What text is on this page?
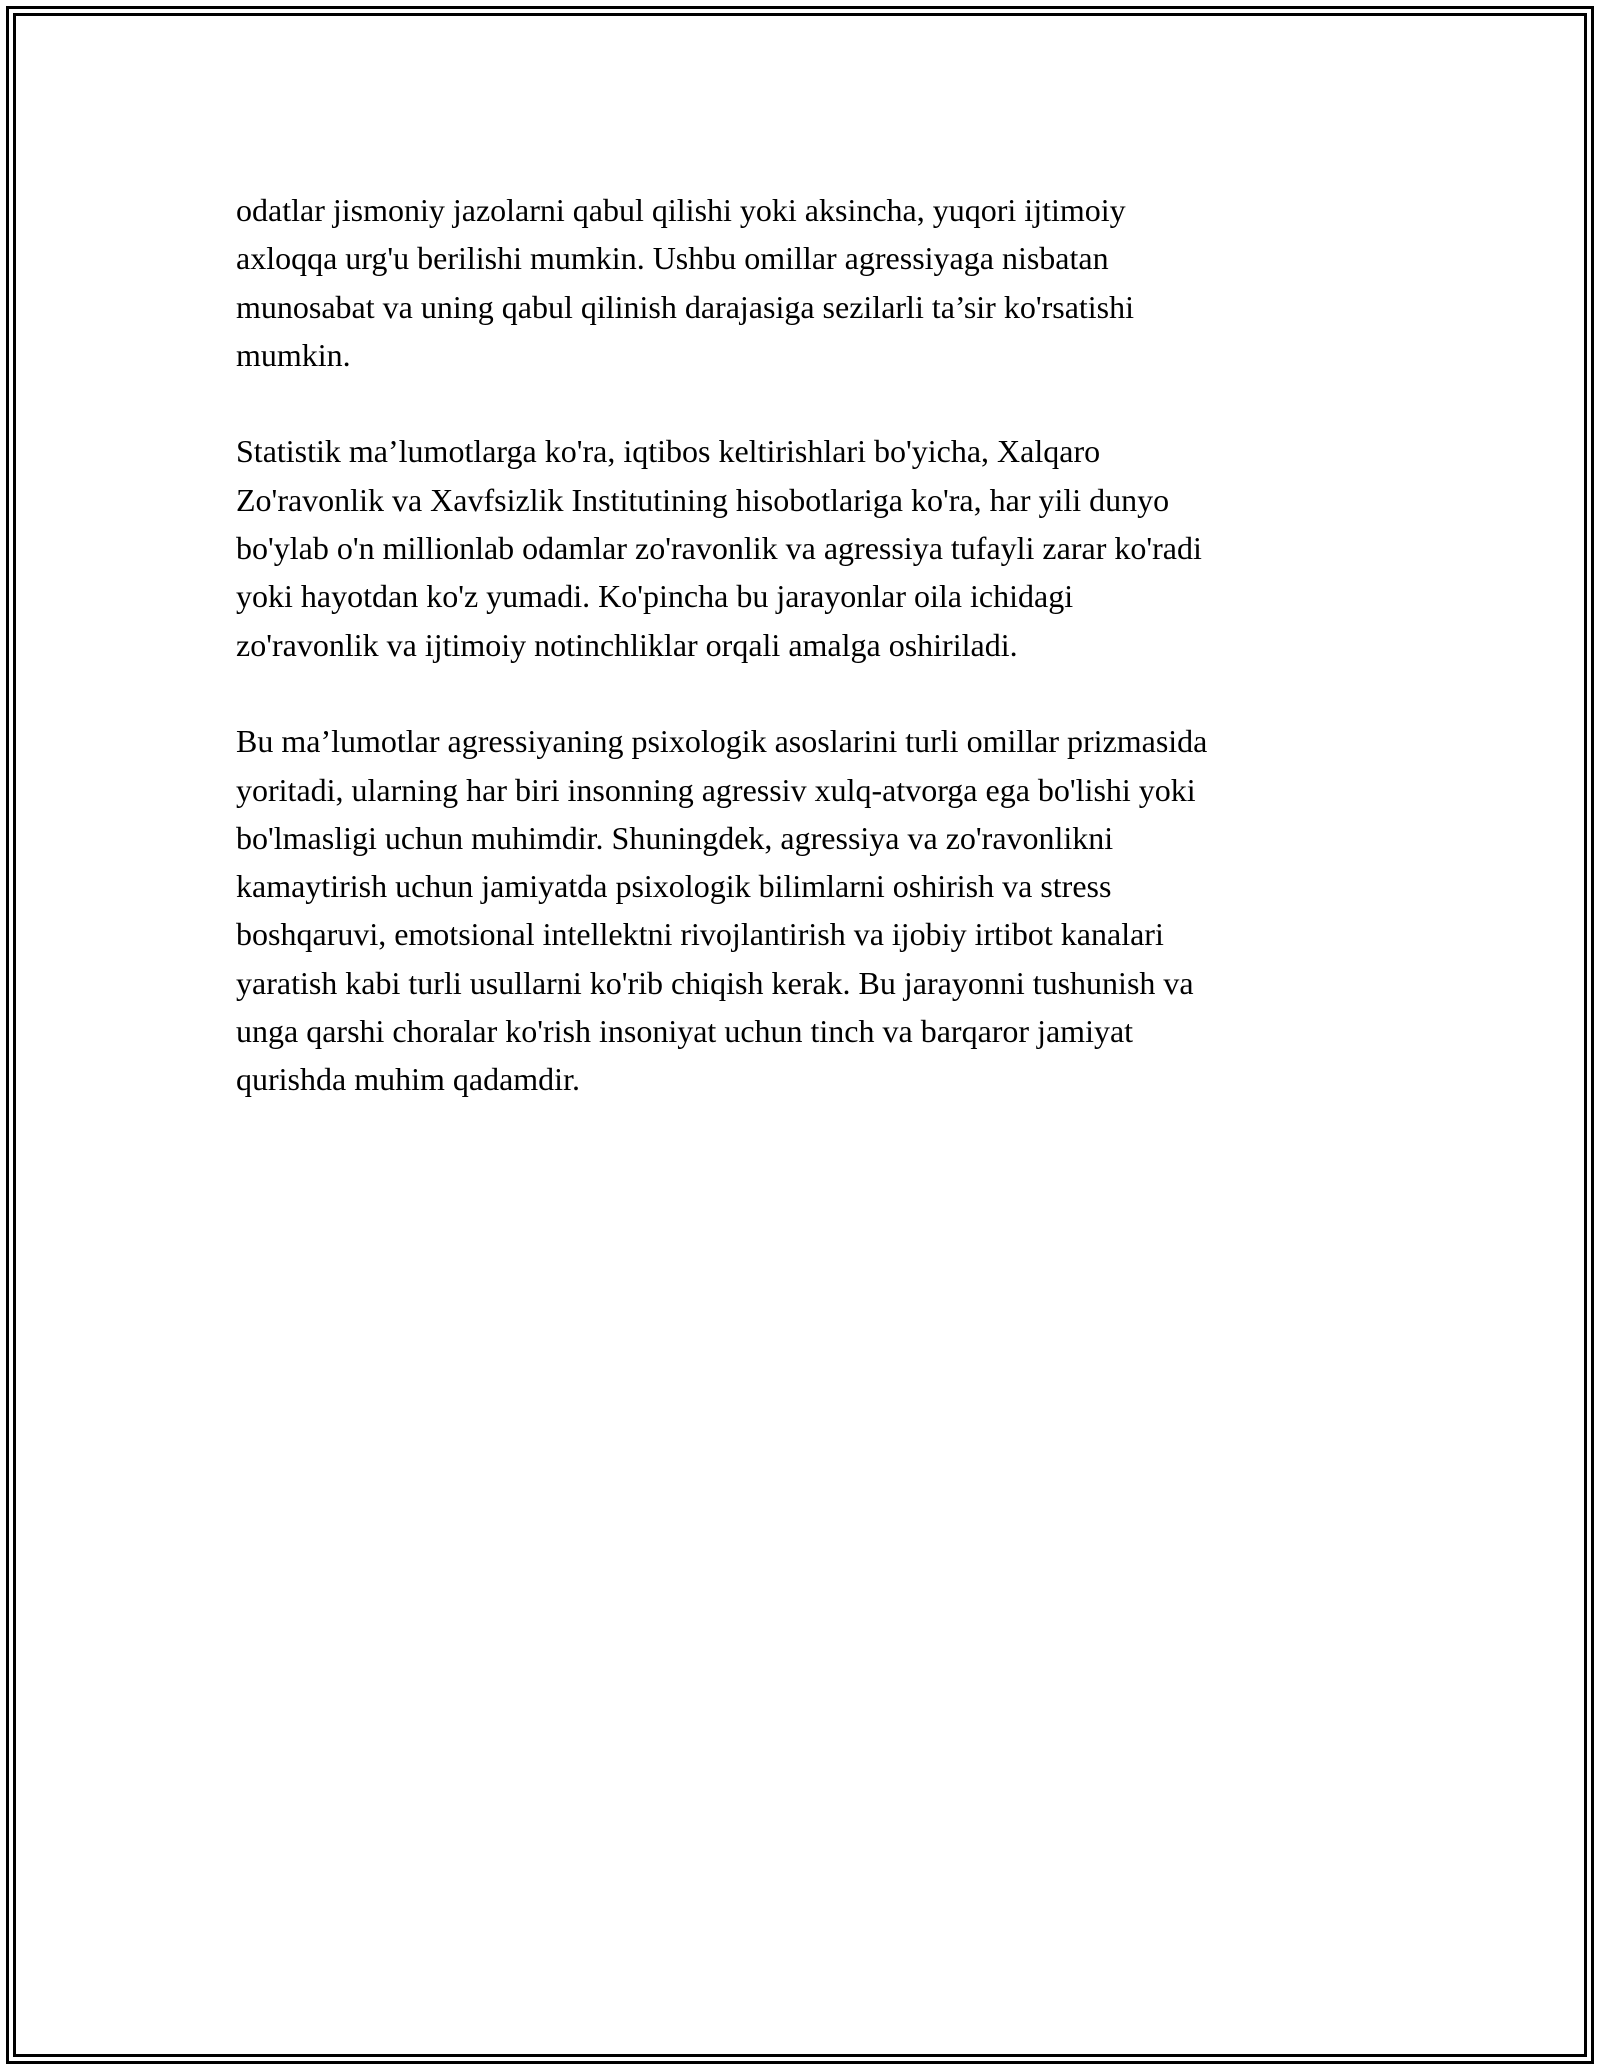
odatlar jismoniy jazolarni qabul qilishi yoki aksincha, yuqori ijtimoiy
axloqqa urg'u berilishi mumkin. Ushbu omillar agressiyaga nisbatan
munosabat va uning qabul qilinish darajasiga sezilarli ta’sir ko'rsatishi
mumkin.

Statistik ma’lumotlarga ko'ra, iqtibos keltirishlari bo'yicha, Xalqaro
Zo'ravonlik va Xavfsizlik Institutining hisobotlariga ko'ra, har yili dunyo
bo'ylab o'n millionlab odamlar zo'ravonlik va agressiya tufayli zarar ko'radi
yoki hayotdan ko'z yumadi. Ko'pincha bu jarayonlar oila ichidagi
zo'ravonlik va ijtimoiy notinchliklar orqali amalga oshiriladi.

Bu ma’lumotlar agressiyaning psixologik asoslarini turli omillar prizmasida
yoritadi, ularning har biri insonning agressiv xulq-atvorga ega bo'lishi yoki
bo'lmasligi uchun muhimdir. Shuningdek, agressiya va zo'ravonlikni
kamaytirish uchun jamiyatda psixologik bilimlarni oshirish va stress
boshqaruvi, emotsional intellektni rivojlantirish va ijobiy irtibot kanalari
yaratish kabi turli usullarni ko'rib chiqish kerak. Bu jarayonni tushunish va
unga qarshi choralar ko'rish insoniyat uchun tinch va barqaror jamiyat
qurishda muhim qadamdir.
